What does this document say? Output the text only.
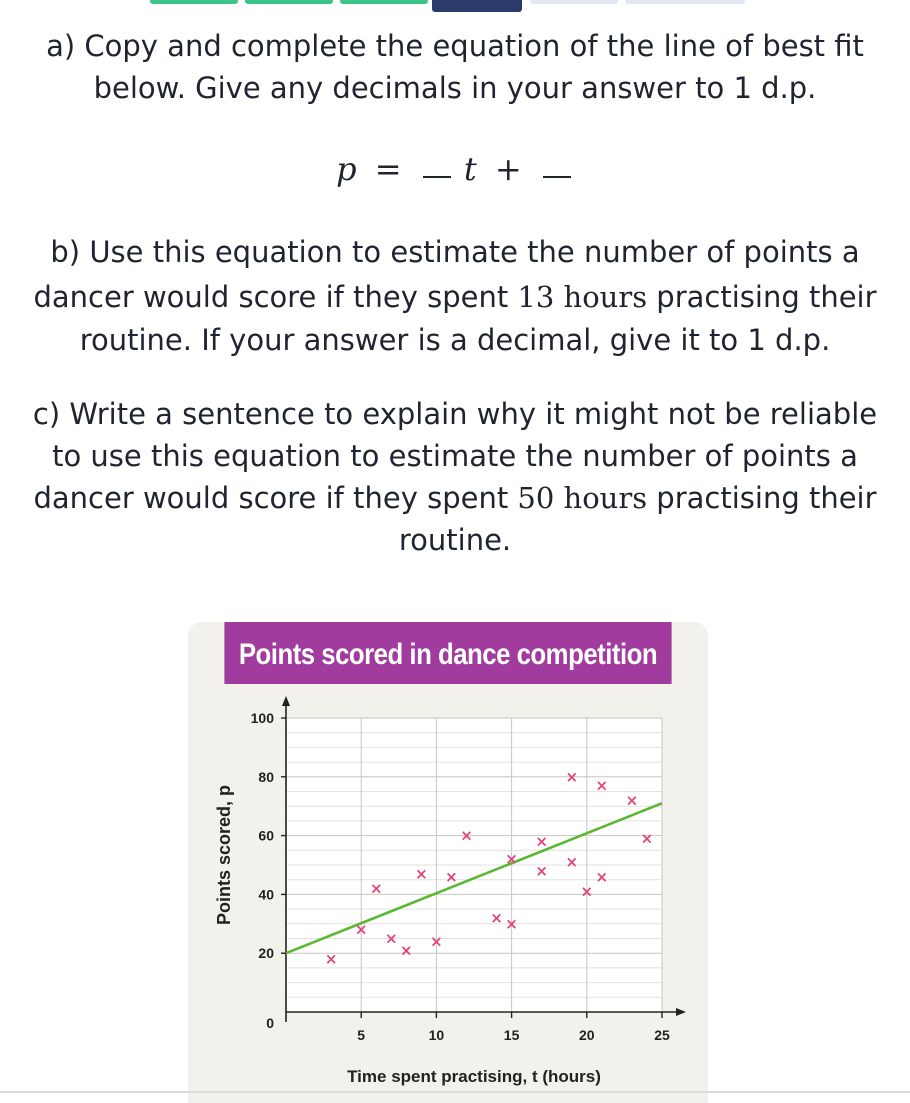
a) Copy and complete the equation of the line of best fit

below. Give any decimals in your answer to 1 d.p.

p = t +

b) Use this equation to estimate the number of points a

dancer would score if they spent 13 hours practising their

routine. If your answer is a decimal, give it to 1 d.p.

c) Write a sentence to explain why it might not be reliable

to use this equation to estimate the number of points a

dancer would score if they spent 50 hours practising their

routine.

Points scored in dance competition
20
40
60
80
100
5	10	15	20	25
0
Points scored, p
Time spent practising, t (hours)
×
×
×
×
×
×
×
×
×
× ×
×
×
×
×
×
×
×
×
×
×
